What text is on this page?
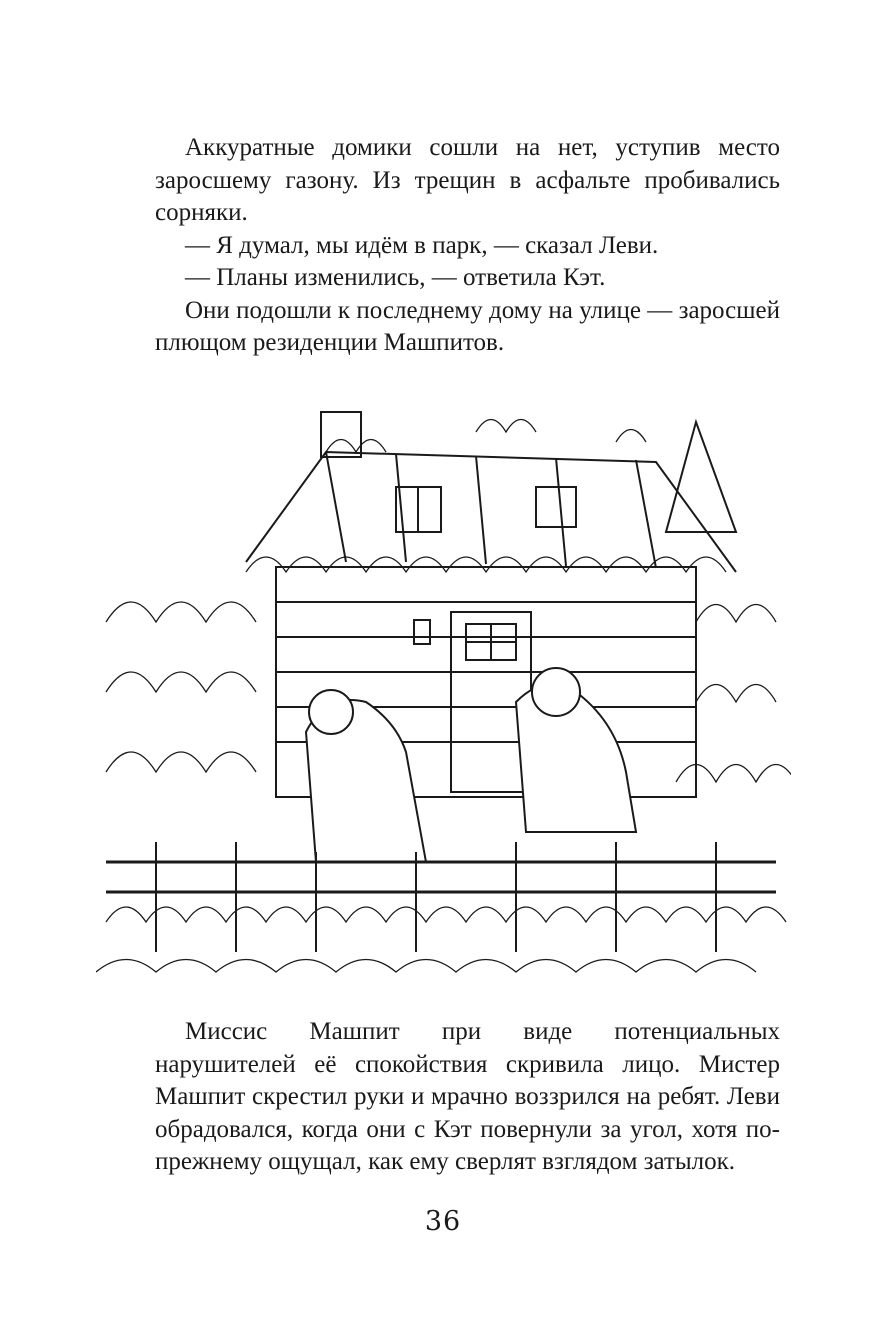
Аккуратные домики сошли на нет, уступив место заросшему газону. Из трещин в асфальте пробивались сорняки.

— Я думал, мы идём в парк, — сказал Леви.

— Планы изменились, — ответила Кэт.

Они подошли к последнему дому на улице — заросшей плющом резиденции Машпитов.

Миссис Машпит при виде потенциальных нарушителей её спокойствия скривила лицо. Мистер Машпит скрестил руки и мрачно воззрился на ребят. Леви обрадовался, когда они с Кэт повернули за угол, хотя по-прежнему ощущал, как ему сверлят взглядом затылок.

36
